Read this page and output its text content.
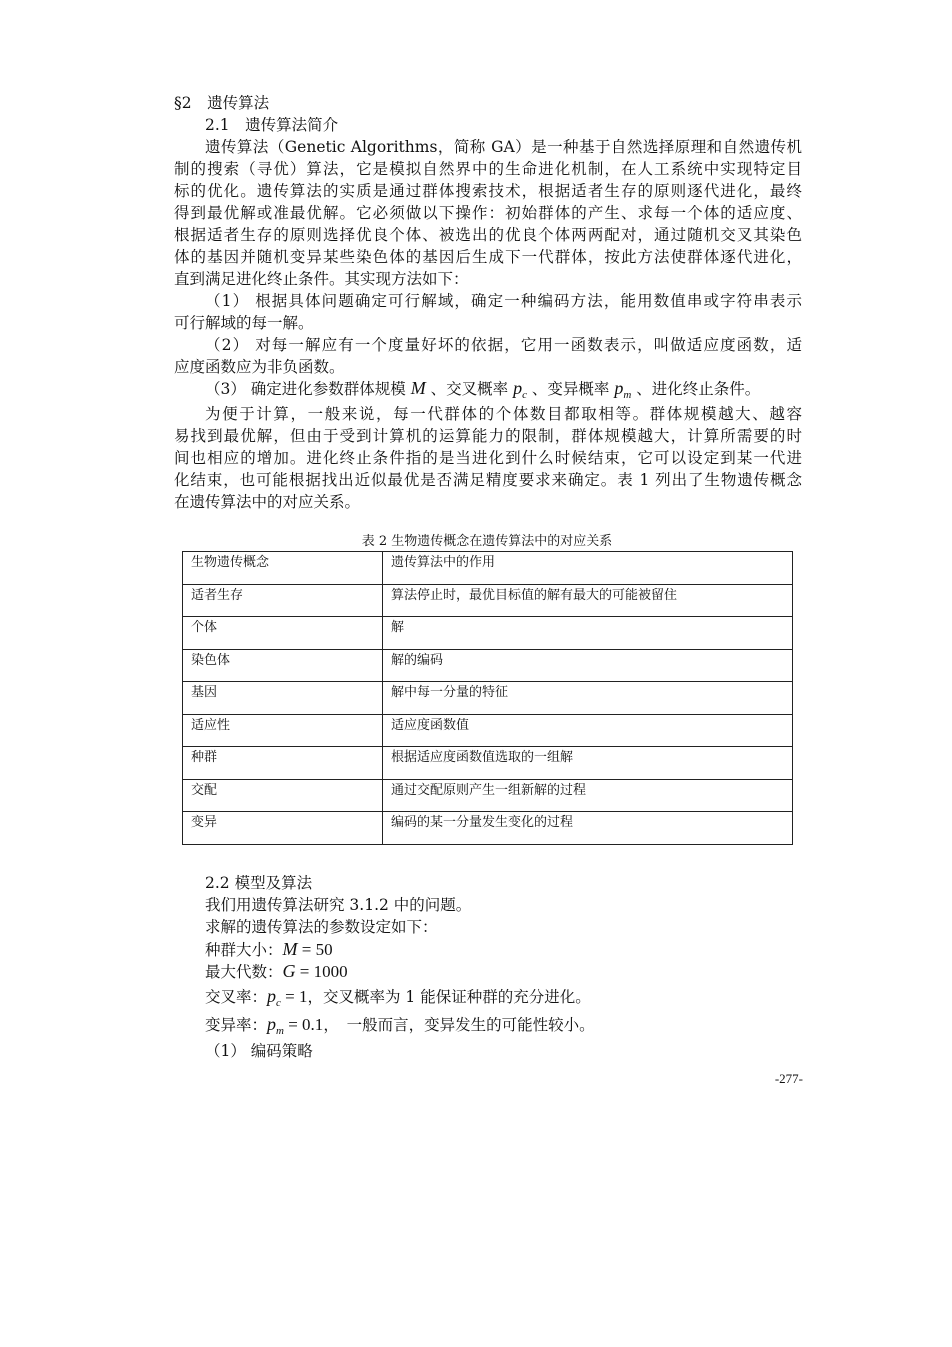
§2　遗传算法
2.1　遗传算法简介
遗传算法（Genetic Algorithms，简称 GA）是一种基于自然选择原理和自然遗传机
制的搜索（寻优）算法，它是模拟自然界中的生命进化机制，在人工系统中实现特定目
标的优化。遗传算法的实质是通过群体搜索技术，根据适者生存的原则逐代进化，最终
得到最优解或准最优解。它必须做以下操作：初始群体的产生、求每一个体的适应度、
根据适者生存的原则选择优良个体、被选出的优良个体两两配对，通过随机交叉其染色
体的基因并随机变异某些染色体的基因后生成下一代群体，按此方法使群体逐代进化，
直到满足进化终止条件。其实现方法如下：
（1） 根据具体问题确定可行解域，确定一种编码方法，能用数值串或字符串表示
可行解域的每一解。
（2） 对每一解应有一个度量好坏的依据，它用一函数表示，叫做适应度函数，适
应度函数应为非负函数。
（3） 确定进化参数群体规模 M 、交叉概率 $p_c$ 、变异概率 $p_m$ 、进化终止条件。
为便于计算，一般来说，每一代群体的个体数目都取相等。群体规模越大、越容
易找到最优解，但由于受到计算机的运算能力的限制，群体规模越大，计算所需要的时
间也相应的增加。进化终止条件指的是当进化到什么时候结束，它可以设定到某一代进
化结束，也可能根据找出近似最优是否满足精度要求来确定。表 1 列出了生物遗传概念
在遗传算法中的对应关系。
表 2 生物遗传概念在遗传算法中的对应关系
生物遗传概念	遗传算法中的作用
适者生存	算法停止时，最优目标值的解有最大的可能被留住
个体	解
染色体	解的编码
基因	解中每一分量的特征
适应性	适应度函数值
种群	根据适应度函数值选取的一组解
交配	通过交配原则产生一组新解的过程
变异	编码的某一分量发生变化的过程
2.2 模型及算法
我们用遗传算法研究 3.1.2 中的问题。
求解的遗传算法的参数设定如下：
种群大小：M = 50
最大代数：G = 1000
交叉率：$p_c = 1$，交叉概率为 1 能保证种群的充分进化。
变异率：$p_m = 0.1$，　一般而言，变异发生的可能性较小。
（1） 编码策略
-277-
